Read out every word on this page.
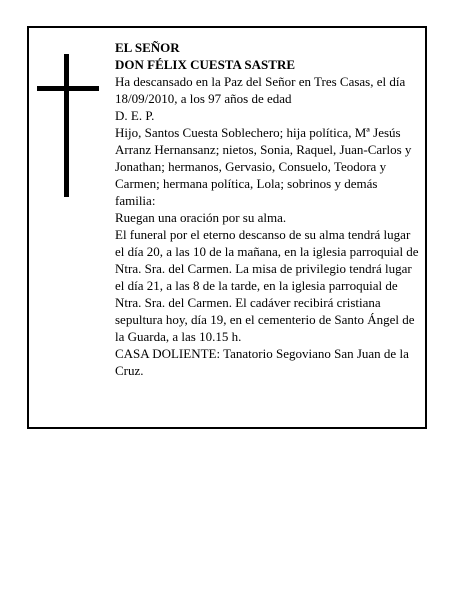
EL SEÑOR

DON FÉLIX CUESTA SASTRE

Ha descansado en la Paz del Señor en Tres Casas, el día 18/09/2010, a los 97 años de edad

D. E. P.

Hijo, Santos Cuesta Soblechero; hija política, Mª Jesús Arranz Hernansanz; nietos, Sonia, Raquel, Juan-Carlos y Jonathan; hermanos, Gervasio, Consuelo, Teodora y Carmen; hermana política, Lola; sobrinos y demás familia:

Ruegan una oración por su alma.

El funeral por el eterno descanso de su alma tendrá lugar el día 20, a las 10 de la mañana, en la iglesia parroquial de Ntra. Sra. del Carmen. La misa de privilegio tendrá lugar el día 21, a las 8 de la tarde, en la iglesia parroquial de Ntra. Sra. del Carmen. El cadáver recibirá cristiana sepultura hoy, día 19, en el cementerio de Santo Ángel de la Guarda, a las 10.15 h.

CASA DOLIENTE: Tanatorio Segoviano San Juan de la Cruz.
